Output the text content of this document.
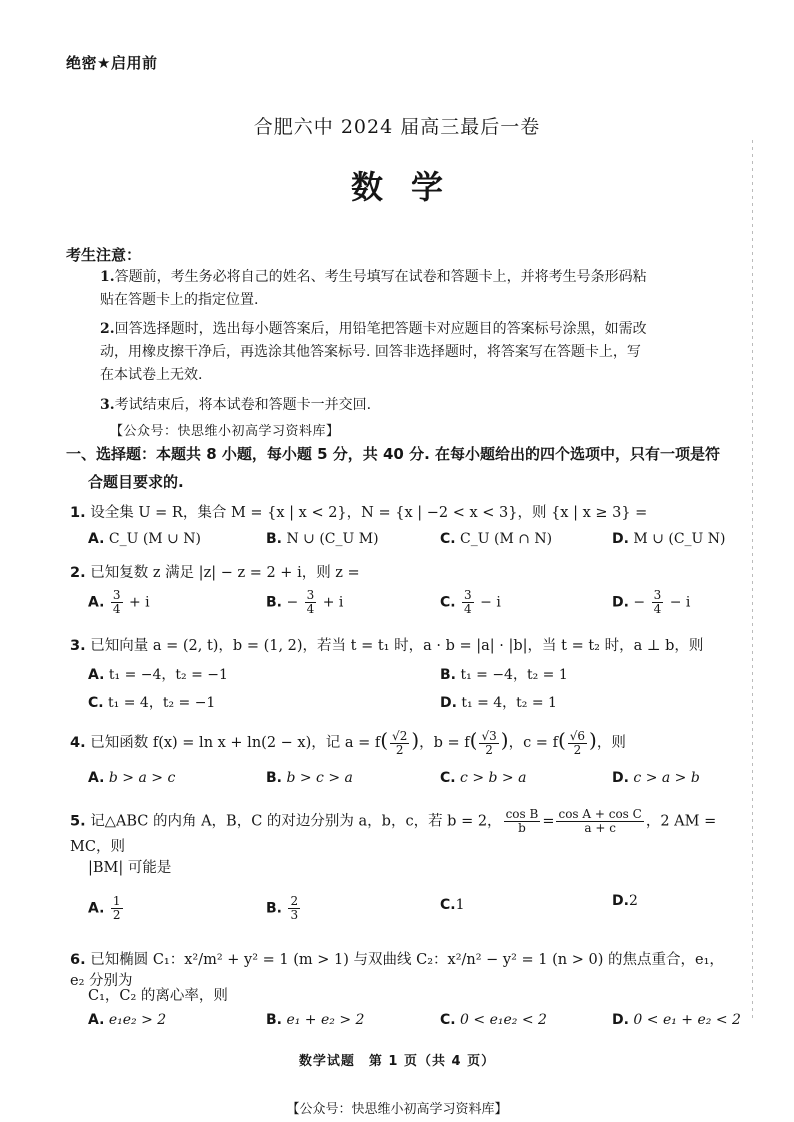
绝密★启用前
合肥六中 2024 届高三最后一卷
数学
考生注意：
1.答题前，考生务必将自己的姓名、考生号填写在试卷和答题卡上，并将考生号条形码粘
贴在答题卡上的指定位置.
2.回答选择题时，选出每小题答案后，用铅笔把答题卡对应题目的答案标号涂黑，如需改
动，用橡皮擦干净后，再选涂其他答案标号. 回答非选择题时，将答案写在答题卡上，写
在本试卷上无效.
3.考试结束后，将本试卷和答题卡一并交回.
【公众号：快思维小初高学习资料库】
一、选择题：本题共 8 小题，每小题 5 分，共 40 分. 在每小题给出的四个选项中，只有一项是符
合题目要求的.
1. 设全集 U = R，集合 M = {x | x < 2}，N = {x | −2 < x < 3}，则 {x | x ≥ 3} =
A. C_U (M ∪ N)	B. N ∪ (C_U M)	C. C_U (M ∩ N)	D. M ∪ (C_U N)
2. 已知复数 z 满足 |z| − z = 2 + i，则 z =
A. $\frac{3}{4} + i$	B. − $\frac{3}{4} + i$	C. $\frac{3}{4} - i$	D. − $\frac{3}{4} - i$
3. 已知向量 a = (2, t)，b = (1, 2)，若当 t = t₁ 时，a · b = |a| · |b|，当 t = t₂ 时，a ⊥ b，则
A. t₁ = −4，t₂ = −1	B. t₁ = −4，t₂ = 1
C. t₁ = 4，t₂ = −1	D. t₁ = 4，t₂ = 1
4. 已知函数 f(x) = ln x + ln(2 − x)，记 $a = f( \frac{√2}{2}$ )，$b = f( \frac{√3}{2}$ )，$c = f( \frac{√6}{2}$ )，则
A. b > a > c	B. b > c > a	C. c > b > a	D. c > a > b
5. 记△ABC 的内角 A，B，C 的对边分别为 a，b，c，若 b = 2， $\frac{\text{cos B}}{b} = \frac{\text{cos A + cos C}}{a + c}$ ，2 AM = MC，则
|BM| 可能是
A. $\frac{1}{2}$	B. $\frac{2}{3}$	C.1	D.2
6. 已知椭圆 C₁：x²/m² + y² = 1 (m > 1) 与双曲线 C₂：x²/n² − y² = 1 (n > 0) 的焦点重合，e₁，e₂ 分别为
C₁，C₂ 的离心率，则
A. e₁e₂ > 2	B. e₁ + e₂ > 2	C. 0 < e₁e₂ < 2	D. 0 < e₁ + e₂ < 2
数学试题　第 1 页（共 4 页）
【公众号：快思维小初高学习资料库】
